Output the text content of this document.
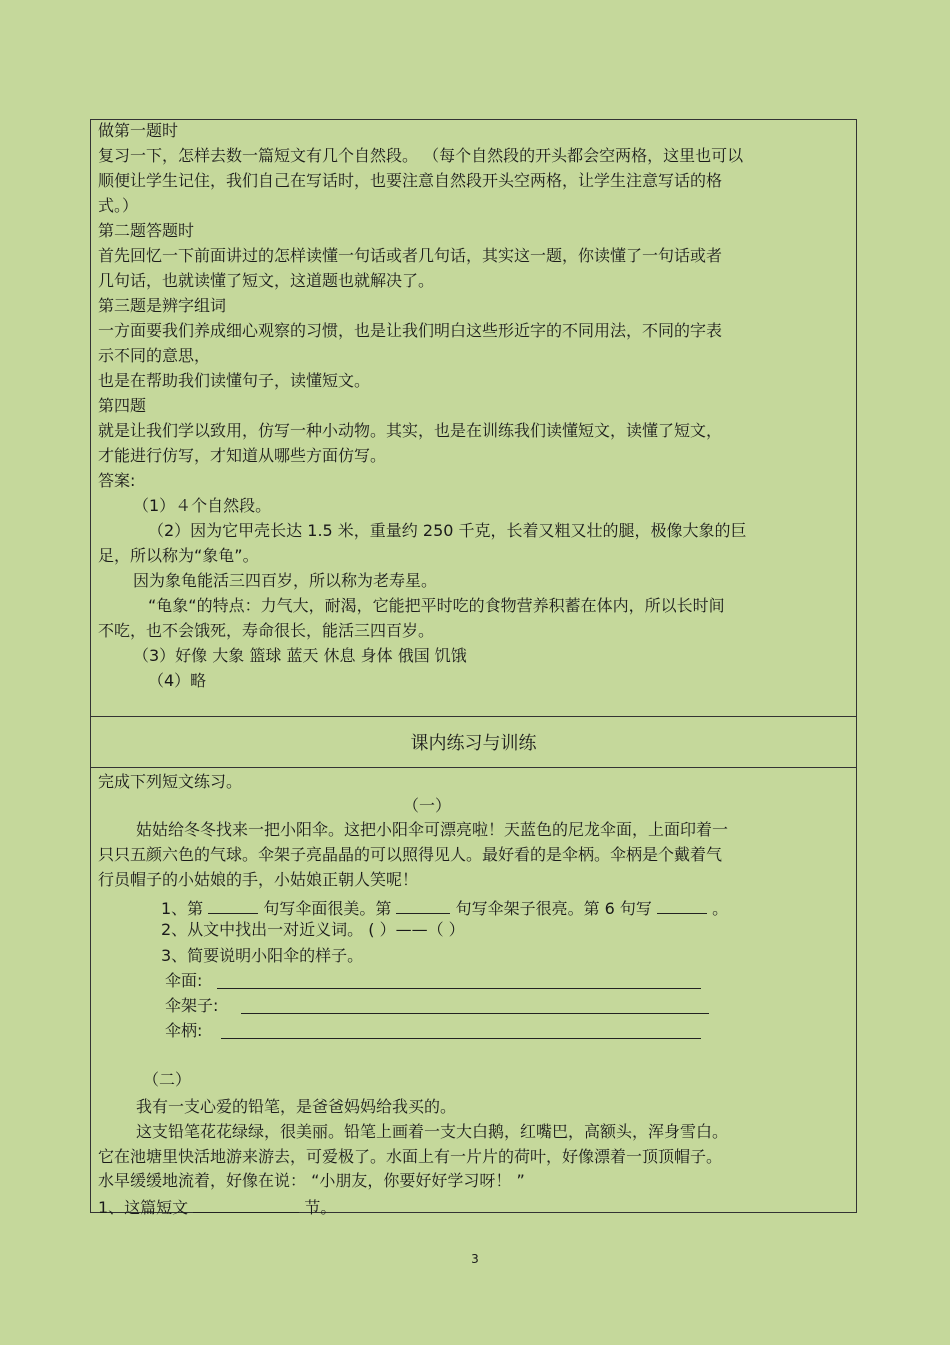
做第一题时
复习一下，怎样去数一篇短文有几个自然段。 （每个自然段的开头都会空两格，这里也可以
顺便让学生记住，我们自己在写话时，也要注意自然段开头空两格，让学生注意写话的格
式。）
第二题答题时
首先回忆一下前面讲过的怎样读懂一句话或者几句话，其实这一题，你读懂了一句话或者
几句话，也就读懂了短文，这道题也就解决了。
第三题是辨字组词
一方面要我们养成细心观察的习惯，也是让我们明白这些形近字的不同用法，不同的字表
示不同的意思，
也是在帮助我们读懂句子，读懂短文。
第四题
就是让我们学以致用，仿写一种小动物。其实，也是在训练我们读懂短文，读懂了短文，
才能进行仿写，才知道从哪些方面仿写。
答案:
（1）４个自然段。
（2）因为它甲壳长达 1.5 米，重量约 250 千克，长着又粗又壮的腿，极像大象的巨
足，所以称为“象龟”。
因为象龟能活三四百岁，所以称为老寿星。
“龟象“的特点：力气大，耐渴，它能把平时吃的食物营养积蓄在体内，所以长时间
不吃，也不会饿死，寿命很长，能活三四百岁。
（3）好像 大象 篮球 蓝天 休息 身体 俄国 饥饿
（4）略
课内练习与训练
完成下列短文练习。
（一）
姑姑给冬冬找来一把小阳伞。这把小阳伞可漂亮啦！天蓝色的尼龙伞面，上面印着一
只只五颜六色的气球。伞架子亮晶晶的可以照得见人。最好看的是伞柄。伞柄是个戴着气
行员帽子的小姑娘的手，小姑娘正朝人笑呢！
1、第	句写伞面很美。第	句写伞架子很亮。第 6 句写	。
2、从文中找出一对近义词。 ( ）——（ ）
3、简要说明小阳伞的样子。
伞面:
伞架子:
伞柄:
（二）
我有一支心爱的铅笔，是爸爸妈妈给我买的。
这支铅笔花花绿绿，很美丽。铅笔上画着一支大白鹅，红嘴巴，高额头，浑身雪白。
它在池塘里快活地游来游去，可爱极了。水面上有一片片的荷叶，好像漂着一顶顶帽子。
水早缓缓地流着，好像在说： “小朋友，你要好好学习呀！ ”
1、这篇短文	节。
3
